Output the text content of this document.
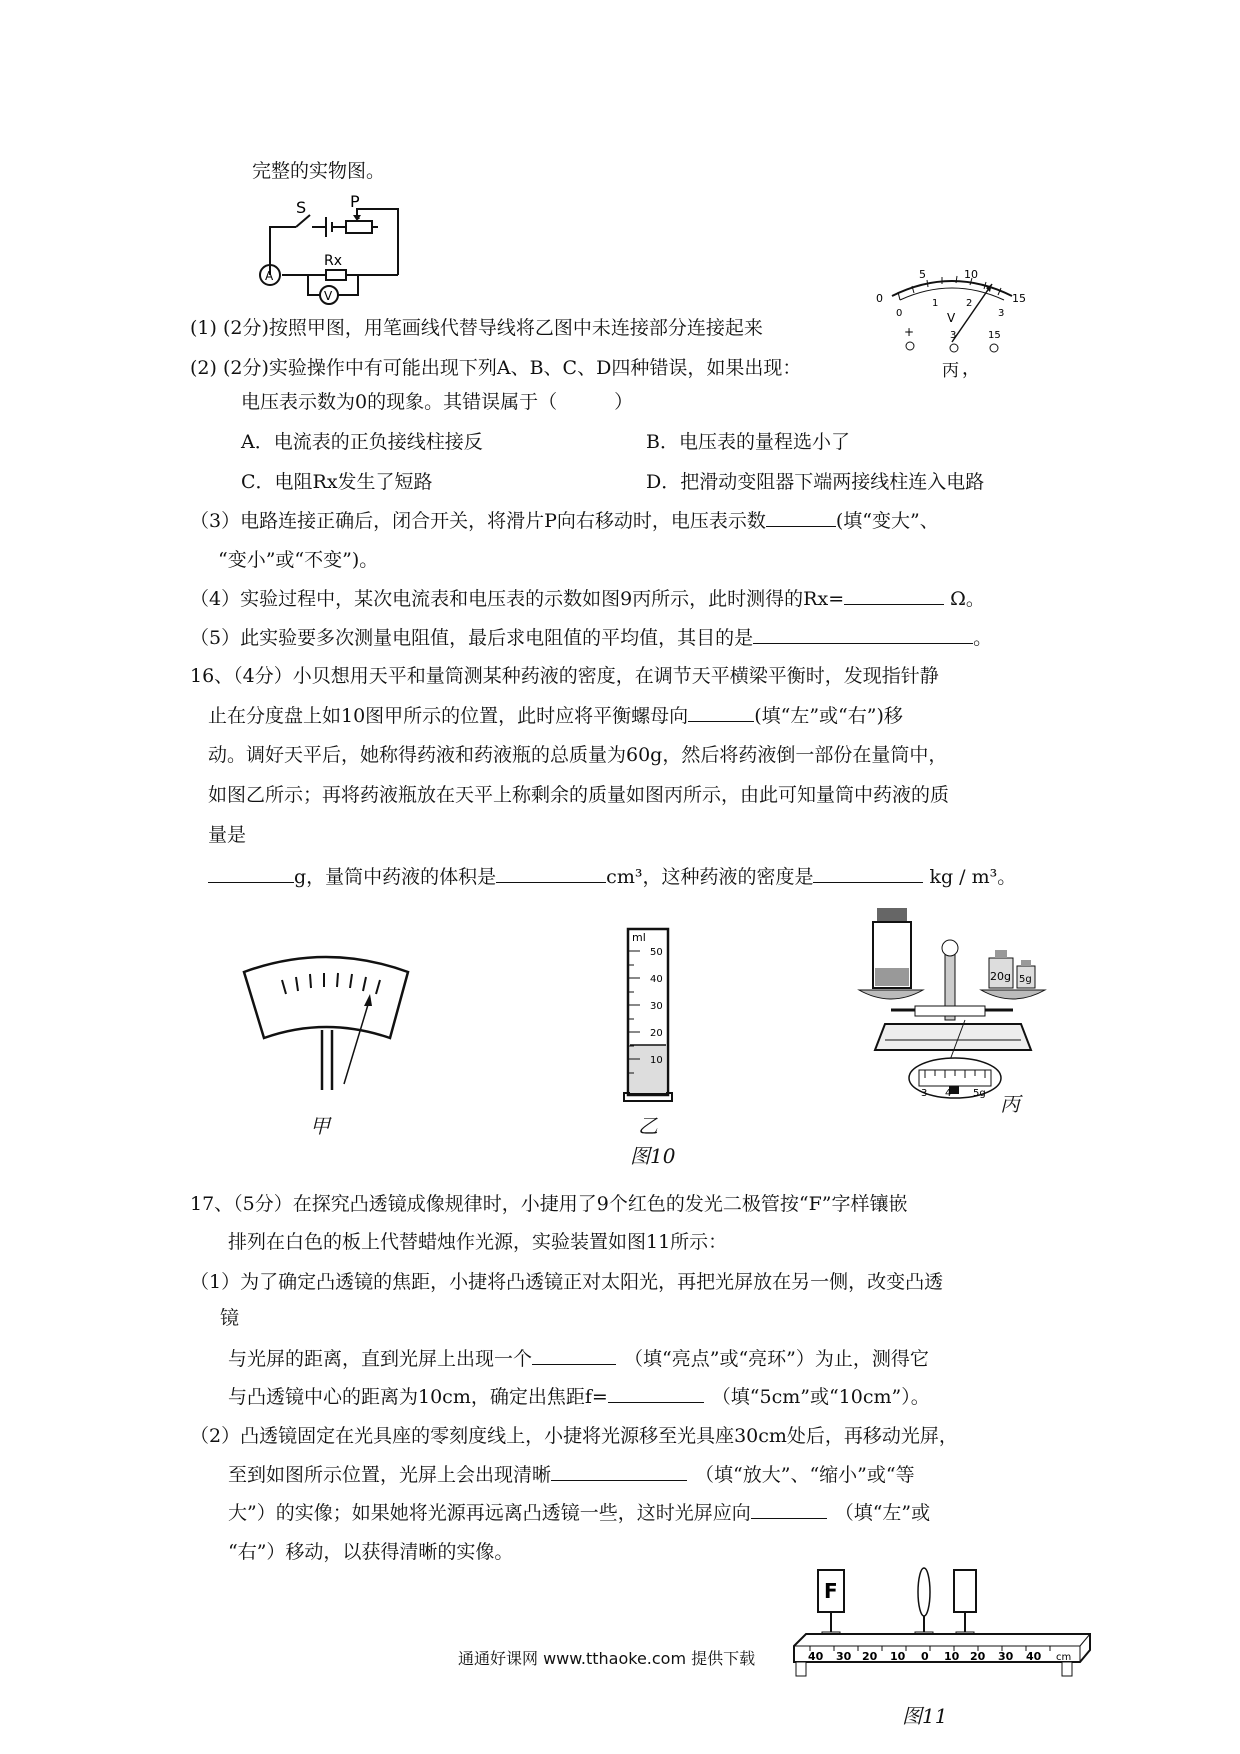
完整的实物图。
S	P
Rx
A
V	0
5	10
15
0
1	2
3
V
+	3	15
丙
(1) (2分)按照甲图，用笔画线代替导线将乙图中未连接部分连接起来
(2) (2分)实验操作中有可能出现下列A、B、C、D四种错误，如果出现：	，
电压表示数为0的现象。其错误属于（　　　）
A．电流表的正负接线柱接反	B．电压表的量程选小了
C．电阻Rx发生了短路	D．把滑动变阻器下端两接线柱连入电路
（3）电路连接正确后，闭合开关，将滑片P向右移动时，电压表示数	(填“变大”、
“变小”或“不变”)。
（4）实验过程中，某次电流表和电压表的示数如图9丙所示，此时测得的Rx=	Ω。
（5）此实验要多次测量电阻值，最后求电阻值的平均值，其目的是	。
16、（4分）小贝想用天平和量筒测某种药液的密度，在调节天平横梁平衡时，发现指针静
止在分度盘上如10图甲所示的位置，此时应将平衡螺母向	(填“左”或“右”)移
动。调好天平后，她称得药液和药液瓶的总质量为60g，然后将药液倒一部份在量筒中，
如图乙所示；再将药液瓶放在天平上称剩余的质量如图丙所示，由此可知量筒中药液的质
量是
g，量筒中药液的体积是	cm³，这种药液的密度是	kg / m³。
甲
ml
50
40
30
20
10
乙
图10
20g 5g
3 4 5g 丙
17、（5分）在探究凸透镜成像规律时，小捷用了9个红色的发光二极管按“F”字样镶嵌
排列在白色的板上代替蜡烛作光源，实验装置如图11所示：
（1）为了确定凸透镜的焦距，小捷将凸透镜正对太阳光，再把光屏放在另一侧，改变凸透
镜
与光屏的距离，直到光屏上出现一个	（填“亮点”或“亮环”）为止，测得它
与凸透镜中心的距离为10cm，确定出焦距f=	（填“5cm”或“10cm”）。
（2）凸透镜固定在光具座的零刻度线上，小捷将光源移至光具座30cm处后，再移动光屏，
至到如图所示位置，光屏上会出现清晰	（填“放大”、“缩小”或“等
大”）的实像；如果她将光源再远离凸透镜一些，这时光屏应向	（填“左”或
“右”）移动，以获得清晰的实像。
通通好课网 www.tthaoke.com 提供下载
F
40 30 20 10 0 10 20 30 40 cm
图11
